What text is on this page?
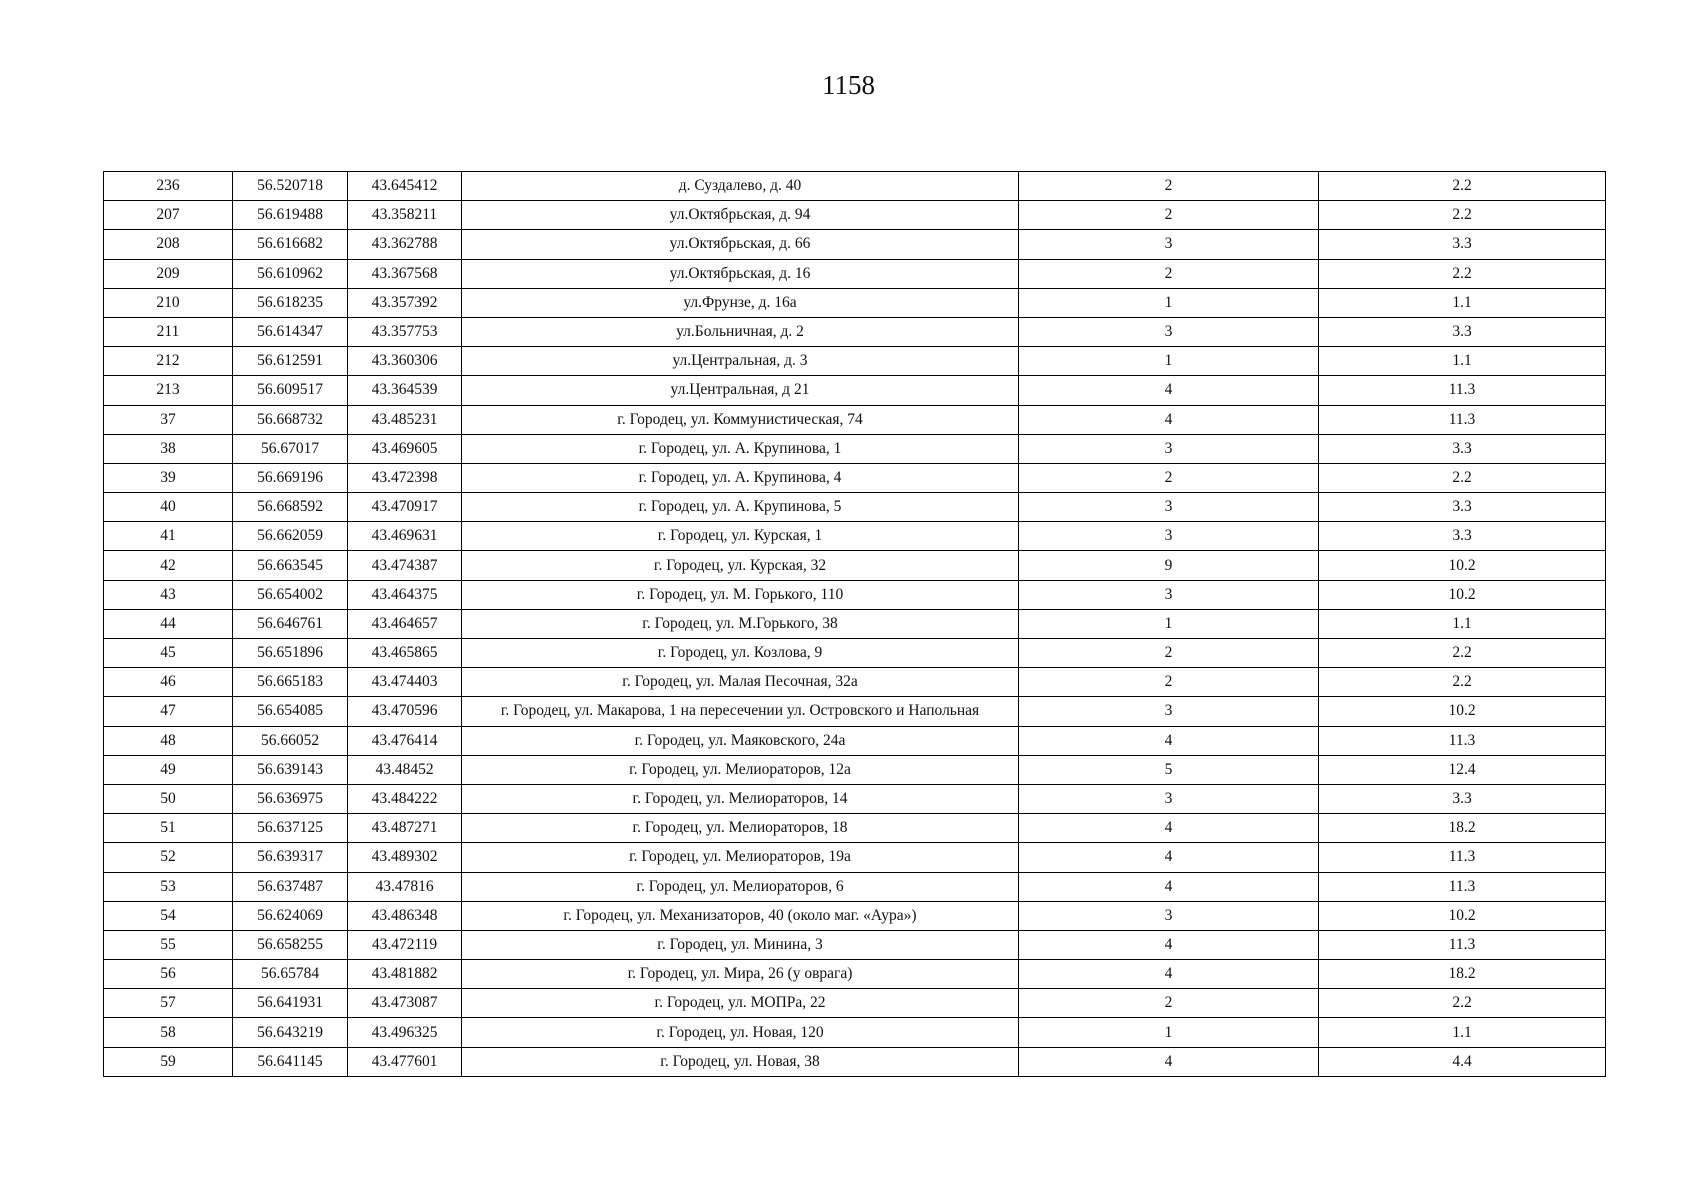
1158
236	56.520718	43.645412	д. Суздалево, д. 40	2	2.2
207	56.619488	43.358211	ул.Октябрьская, д. 94	2	2.2
208	56.616682	43.362788	ул.Октябрьская, д. 66	3	3.3
209	56.610962	43.367568	ул.Октябрьская, д. 16	2	2.2
210	56.618235	43.357392	ул.Фрунзе, д. 16а	1	1.1
211	56.614347	43.357753	ул.Больничная, д. 2	3	3.3
212	56.612591	43.360306	ул.Центральная, д. 3	1	1.1
213	56.609517	43.364539	ул.Центральная, д 21	4	11.3
37	56.668732	43.485231	г. Городец, ул. Коммунистическая, 74	4	11.3
38	56.67017	43.469605	г. Городец, ул. А. Крупинова, 1	3	3.3
39	56.669196	43.472398	г. Городец, ул. А. Крупинова, 4	2	2.2
40	56.668592	43.470917	г. Городец, ул. А. Крупинова, 5	3	3.3
41	56.662059	43.469631	г. Городец, ул. Курская, 1	3	3.3
42	56.663545	43.474387	г. Городец, ул. Курская, 32	9	10.2
43	56.654002	43.464375	г. Городец, ул. М. Горького, 110	3	10.2
44	56.646761	43.464657	г. Городец, ул. М.Горького, 38	1	1.1
45	56.651896	43.465865	г. Городец, ул. Козлова, 9	2	2.2
46	56.665183	43.474403	г. Городец, ул. Малая Песочная, 32а	2	2.2
47	56.654085	43.470596	г. Городец, ул. Макарова, 1 на пересечении ул. Островского и Напольная	3	10.2
48	56.66052	43.476414	г. Городец, ул. Маяковского, 24а	4	11.3
49	56.639143	43.48452	г. Городец, ул. Мелиораторов, 12а	5	12.4
50	56.636975	43.484222	г. Городец, ул. Мелиораторов, 14	3	3.3
51	56.637125	43.487271	г. Городец, ул. Мелиораторов, 18	4	18.2
52	56.639317	43.489302	г. Городец, ул. Мелиораторов, 19а	4	11.3
53	56.637487	43.47816	г. Городец, ул. Мелиораторов, 6	4	11.3
54	56.624069	43.486348	г. Городец, ул. Механизаторов, 40 (около маг. «Аура»)	3	10.2
55	56.658255	43.472119	г. Городец, ул. Минина, 3	4	11.3
56	56.65784	43.481882	г. Городец, ул. Мира, 26 (у оврага)	4	18.2
57	56.641931	43.473087	г. Городец, ул. МОПРа, 22	2	2.2
58	56.643219	43.496325	г. Городец, ул. Новая, 120	1	1.1
59	56.641145	43.477601	г. Городец, ул. Новая, 38	4	4.4
